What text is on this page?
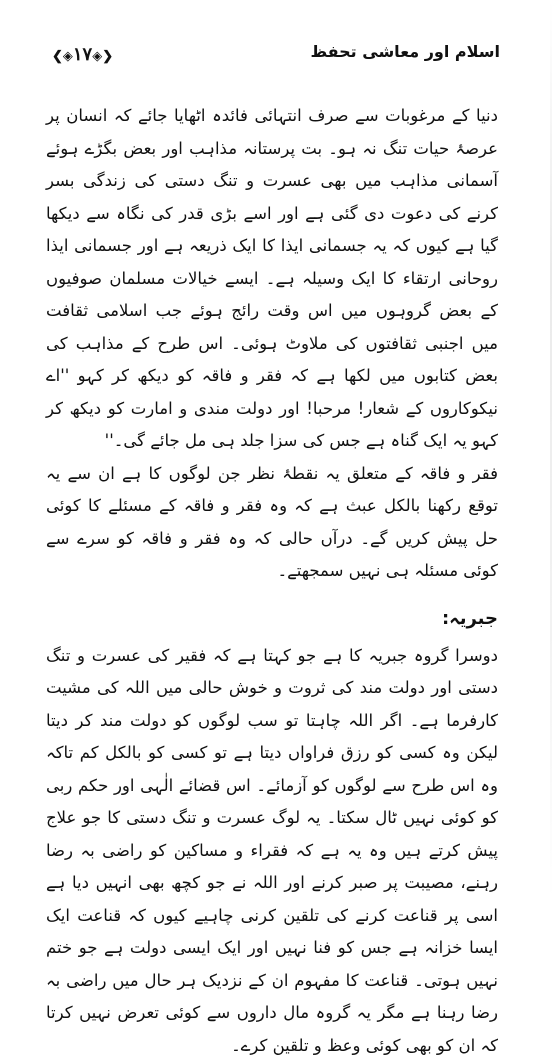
❮◈۱۷◈❯	اسلام اور معاشی تحفظ

دنیا کے مرغوبات سے صرف انتہائی فائدہ اٹھایا جائے کہ انسان پر عرصۂ حیات تنگ نہ ہو۔ بت پرستانہ مذاہب اور بعض بگڑے ہوئے آسمانی مذاہب میں بھی عسرت و تنگ دستی کی زندگی بسر کرنے کی دعوت دی گئی ہے اور اسے بڑی قدر کی نگاہ سے دیکھا گیا ہے کیوں کہ یہ جسمانی ایذا کا ایک ذریعہ ہے اور جسمانی ایذا روحانی ارتقاء کا ایک وسیلہ ہے۔ ایسے خیالات مسلمان صوفیوں کے بعض گروہوں میں اس وقت رائج ہوئے جب اسلامی ثقافت میں اجنبی ثقافتوں کی ملاوٹ ہوئی۔ اس طرح کے مذاہب کی بعض کتابوں میں لکھا ہے کہ فقر و فاقہ کو دیکھ کر کہو ''اے نیکوکاروں کے شعار! مرحبا! اور دولت مندی و امارت کو دیکھ کر کہو یہ ایک گناہ ہے جس کی سزا جلد ہی مل جائے گی۔''

فقر و فاقہ کے متعلق یہ نقطۂ نظر جن لوگوں کا ہے ان سے یہ توقع رکھنا بالکل عبث ہے کہ وہ فقر و فاقہ کے مسئلے کا کوئی حل پیش کریں گے۔ درآں حالی کہ وہ فقر و فاقہ کو سرے سے کوئی مسئلہ ہی نہیں سمجھتے۔

جبریہ:

دوسرا گروہ جبریہ کا ہے جو کہتا ہے کہ فقیر کی عسرت و تنگ دستی اور دولت مند کی ثروت و خوش حالی میں اللہ کی مشیت کارفرما ہے۔ اگر اللہ چاہتا تو سب لوگوں کو دولت مند کر دیتا لیکن وہ کسی کو رزق فراواں دیتا ہے تو کسی کو بالکل کم تاکہ وہ اس طرح سے لوگوں کو آزمائے۔ اس قضائے الٰہی اور حکم ربی کو کوئی نہیں ٹال سکتا۔ یہ لوگ عسرت و تنگ دستی کا جو علاج پیش کرتے ہیں وہ یہ ہے کہ فقراء و مساکین کو راضی بہ رضا رہنے، مصیبت پر صبر کرنے اور اللہ نے جو کچھ بھی انہیں دیا ہے اسی پر قناعت کرنے کی تلقین کرنی چاہیے کیوں کہ قناعت ایک ایسا خزانہ ہے جس کو فنا نہیں اور ایک ایسی دولت ہے جو ختم نہیں ہوتی۔ قناعت کا مفہوم ان کے نزدیک ہر حال میں راضی بہ رضا رہنا ہے مگر یہ گروہ مال داروں سے کوئی تعرض نہیں کرتا کہ ان کو بھی کوئی وعظ و تلقین کرے۔
